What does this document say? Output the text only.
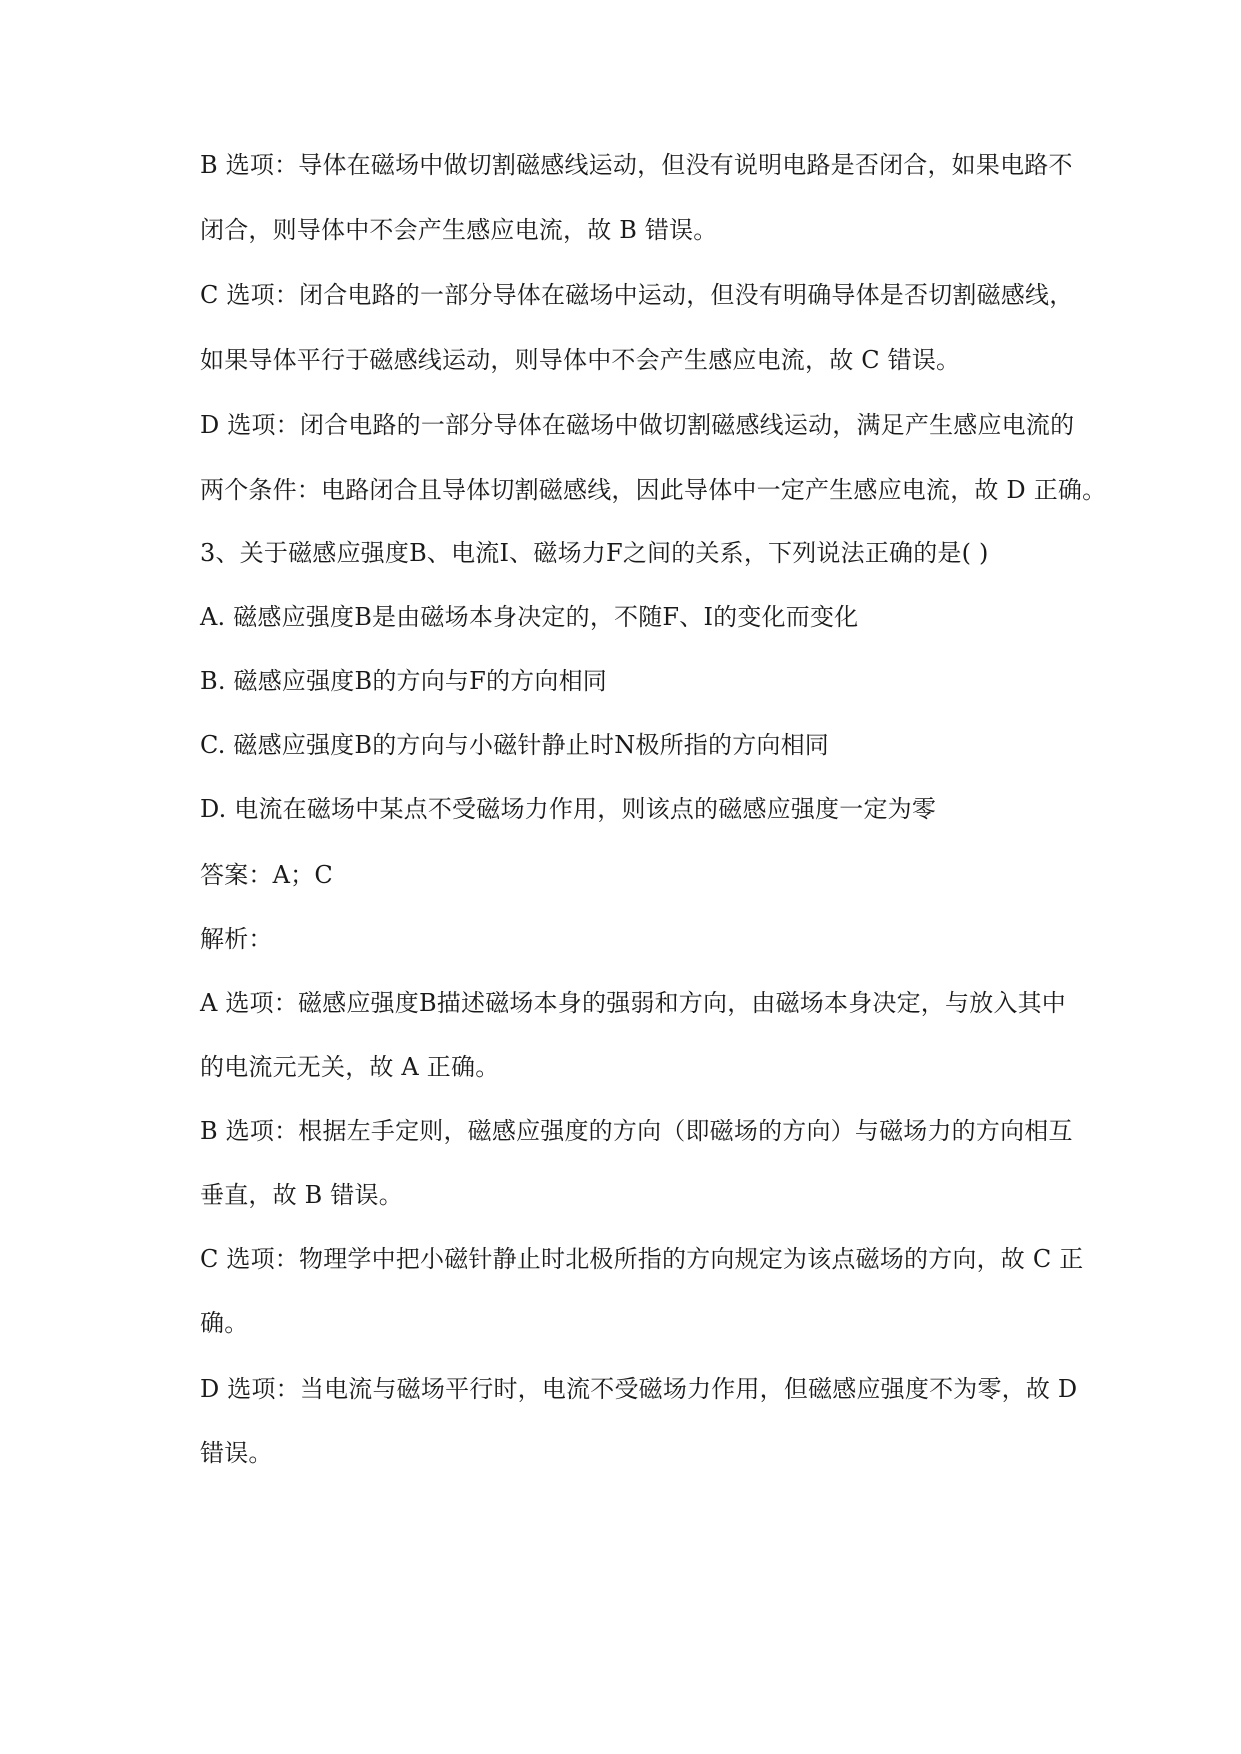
B 选项：导体在磁场中做切割磁感线运动，但没有说明电路是否闭合，如果电路不
闭合，则导体中不会产生感应电流，故 B 错误。
C 选项：闭合电路的一部分导体在磁场中运动，但没有明确导体是否切割磁感线，
如果导体平行于磁感线运动，则导体中不会产生感应电流，故 C 错误。
D 选项：闭合电路的一部分导体在磁场中做切割磁感线运动，满足产生感应电流的
两个条件：电路闭合且导体切割磁感线，因此导体中一定产生感应电流，故 D 正确。
3、关于磁感应强度B、电流I、磁场力F之间的关系，下列说法正确的是( )
A. 磁感应强度B是由磁场本身决定的，不随F、I的变化而变化
B. 磁感应强度B的方向与F的方向相同
C. 磁感应强度B的方向与小磁针静止时N极所指的方向相同
D. 电流在磁场中某点不受磁场力作用，则该点的磁感应强度一定为零
答案：A；C
解析：
A 选项：磁感应强度B描述磁场本身的强弱和方向，由磁场本身决定，与放入其中
的电流元无关，故 A 正确。
B 选项：根据左手定则，磁感应强度的方向（即磁场的方向）与磁场力的方向相互
垂直，故 B 错误。
C 选项：物理学中把小磁针静止时北极所指的方向规定为该点磁场的方向，故 C 正
确。
D 选项：当电流与磁场平行时，电流不受磁场力作用，但磁感应强度不为零，故 D
错误。
